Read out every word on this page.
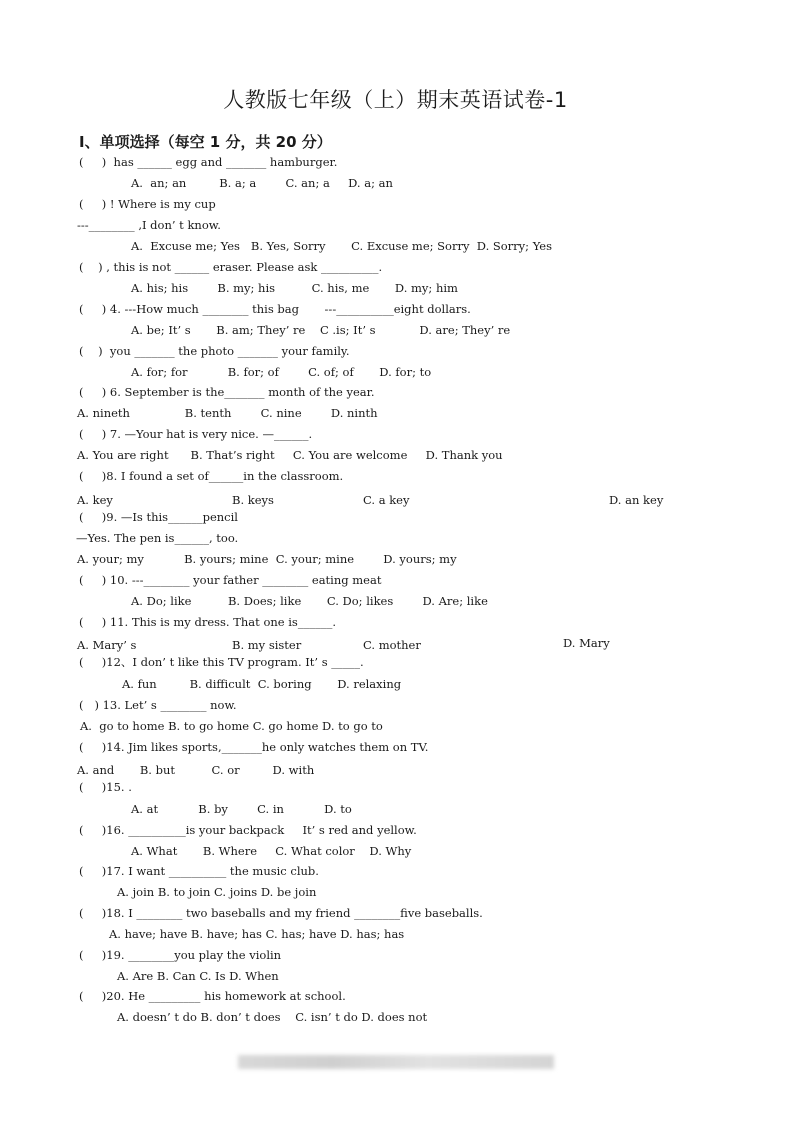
人教版七年级（上）期末英语试卷-1
Ⅰ、单项选择（每空 1 分，共 20 分）
(     )  has ______ egg and _______ hamburger.
A.  an; an         B. a; a        C. an; a     D. a; an
(     ) ! Where is my cup
---________ ,I don’ t know.
A.  Excuse me; Yes   B. Yes, Sorry       C. Excuse me; Sorry  D. Sorry; Yes
(    ) , this is not ______ eraser. Please ask __________.
A. his; his        B. my; his          C. his, me       D. my; him
(     ) 4. ---How much ________ this bag       ---__________eight dollars.
A. be; It’ s       B. am; They’ re    C .is; It’ s            D. are; They’ re
(    )  you _______ the photo _______ your family.
A. for; for           B. for; of        C. of; of       D. for; to
(     ) 6. September is the_______ month of the year.
A. nineth               B. tenth        C. nine        D. ninth
(     ) 7. —Your hat is very nice. —______.
A. You are right      B. That’s right     C. You are welcome     D. Thank you
(     )8. I found a set of______in the classroom.
A. key	B. keys	C. a key	D. an key
(     )9. —Is this______pencil
—Yes. The pen is______, too.
A. your; my           B. yours; mine  C. your; mine        D. yours; my
(     ) 10. ---________ your father ________ eating meat
A. Do; like          B. Does; like       C. Do; likes        D. Are; like
(     ) 11. This is my dress. That one is______.
A. Mary’ s	B. my sister	C. mother	D. Mary
(     )12、I don’ t like this TV program. It’ s _____.
A. fun         B. difficult  C. boring       D. relaxing
(   ) 13. Let’ s ________ now.
A.  go to home B. to go home C. go home D. to go to
(     )14. Jim likes sports,_______he only watches them on TV.
A. and       B. but          C. or         D. with
(     )15. .
A. at           B. by        C. in           D. to
(     )16. __________is your backpack     It’ s red and yellow.
A. What       B. Where     C. What color    D. Why
(     )17. I want __________ the music club.
A. join B. to join C. joins D. be join
(     )18. I ________ two baseballs and my friend ________five baseballs.
A. have; have B. have; has C. has; have D. has; has
(     )19. ________you play the violin
A. Are B. Can C. Is D. When
(     )20. He _________ his homework at school.
A. doesn’ t do B. don’ t does    C. isn’ t do D. does not
